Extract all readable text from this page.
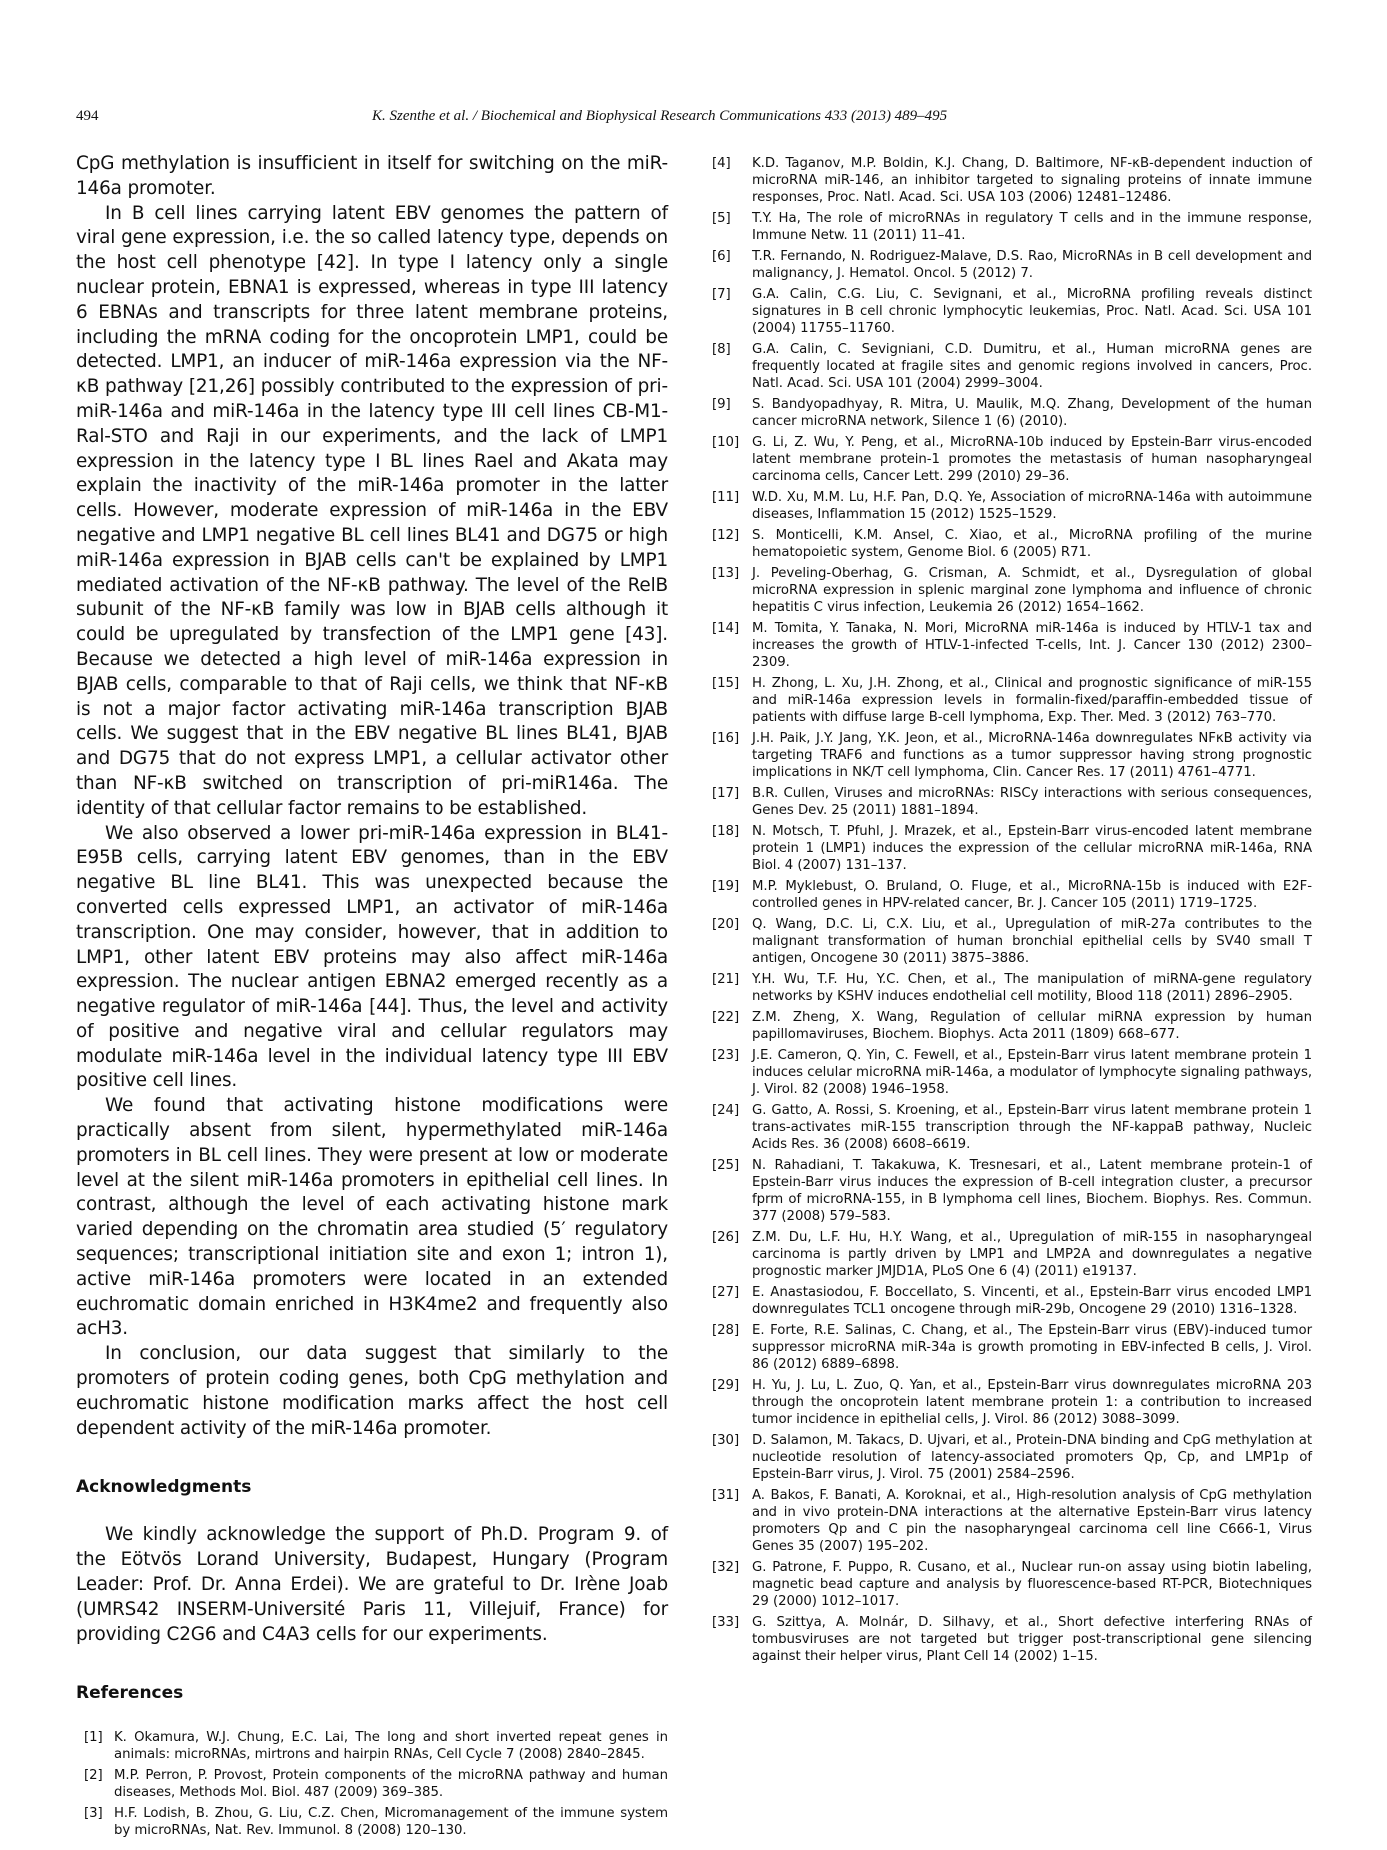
494	K. Szenthe et al. / Biochemical and Biophysical Research Communications 433 (2013) 489–495

CpG methylation is insufficient in itself for switching on the miR-146a promoter.

In B cell lines carrying latent EBV genomes the pattern of viral gene expression, i.e. the so called latency type, depends on the host cell phenotype [42]. In type I latency only a single nuclear protein, EBNA1 is expressed, whereas in type III latency 6 EBNAs and transcripts for three latent membrane proteins, including the mRNA coding for the oncoprotein LMP1, could be detected. LMP1, an inducer of miR-146a expression via the NF-κB pathway [21,26] possibly contributed to the expression of pri-miR-146a and miR-146a in the latency type III cell lines CB-M1-Ral-STO and Raji in our experiments, and the lack of LMP1 expression in the latency type I BL lines Rael and Akata may explain the inactivity of the miR-146a promoter in the latter cells. However, moderate expression of miR-146a in the EBV negative and LMP1 negative BL cell lines BL41 and DG75 or high miR-146a expression in BJAB cells can't be explained by LMP1 mediated activation of the NF-κB pathway. The level of the RelB subunit of the NF-κB family was low in BJAB cells although it could be upregulated by transfection of the LMP1 gene [43]. Because we detected a high level of miR-146a expression in BJAB cells, comparable to that of Raji cells, we think that NF-κB is not a major factor activating miR-146a transcription BJAB cells. We suggest that in the EBV negative BL lines BL41, BJAB and DG75 that do not express LMP1, a cellular activator other than NF-κB switched on transcription of pri-miR146a. The identity of that cellular factor remains to be established.

We also observed a lower pri-miR-146a expression in BL41-E95B cells, carrying latent EBV genomes, than in the EBV negative BL line BL41. This was unexpected because the converted cells expressed LMP1, an activator of miR-146a transcription. One may consider, however, that in addition to LMP1, other latent EBV proteins may also affect miR-146a expression. The nuclear antigen EBNA2 emerged recently as a negative regulator of miR-146a [44]. Thus, the level and activity of positive and negative viral and cellular regulators may modulate miR-146a level in the individual latency type III EBV positive cell lines.

We found that activating histone modifications were practically absent from silent, hypermethylated miR-146a promoters in BL cell lines. They were present at low or moderate level at the silent miR-146a promoters in epithelial cell lines. In contrast, although the level of each activating histone mark varied depending on the chromatin area studied (5′ regulatory sequences; transcriptional initiation site and exon 1; intron 1), active miR-146a promoters were located in an extended euchromatic domain enriched in H3K4me2 and frequently also acH3.

In conclusion, our data suggest that similarly to the promoters of protein coding genes, both CpG methylation and euchromatic histone modification marks affect the host cell dependent activity of the miR-146a promoter.

Acknowledgments

We kindly acknowledge the support of Ph.D. Program 9. of the Eötvös Lorand University, Budapest, Hungary (Program Leader: Prof. Dr. Anna Erdei). We are grateful to Dr. Irène Joab (UMRS42 INSERM-Université Paris 11, Villejuif, France) for providing C2G6 and C4A3 cells for our experiments.

References
[1] K. Okamura, W.J. Chung, E.C. Lai, The long and short inverted repeat genes in animals: microRNAs, mirtrons and hairpin RNAs, Cell Cycle 7 (2008) 2840–2845.
[2] M.P. Perron, P. Provost, Protein components of the microRNA pathway and human diseases, Methods Mol. Biol. 487 (2009) 369–385.
[3] H.F. Lodish, B. Zhou, G. Liu, C.Z. Chen, Micromanagement of the immune system by microRNAs, Nat. Rev. Immunol. 8 (2008) 120–130.
[4] K.D. Taganov, M.P. Boldin, K.J. Chang, D. Baltimore, NF-κB-dependent induction of microRNA miR-146, an inhibitor targeted to signaling proteins of innate immune responses, Proc. Natl. Acad. Sci. USA 103 (2006) 12481–12486.
[5] T.Y. Ha, The role of microRNAs in regulatory T cells and in the immune response, Immune Netw. 11 (2011) 11–41.
[6] T.R. Fernando, N. Rodriguez-Malave, D.S. Rao, MicroRNAs in B cell development and malignancy, J. Hematol. Oncol. 5 (2012) 7.
[7] G.A. Calin, C.G. Liu, C. Sevignani, et al., MicroRNA profiling reveals distinct signatures in B cell chronic lymphocytic leukemias, Proc. Natl. Acad. Sci. USA 101 (2004) 11755–11760.
[8] G.A. Calin, C. Sevigniani, C.D. Dumitru, et al., Human microRNA genes are frequently located at fragile sites and genomic regions involved in cancers, Proc. Natl. Acad. Sci. USA 101 (2004) 2999–3004.
[9] S. Bandyopadhyay, R. Mitra, U. Maulik, M.Q. Zhang, Development of the human cancer microRNA network, Silence 1 (6) (2010).
[10] G. Li, Z. Wu, Y. Peng, et al., MicroRNA-10b induced by Epstein-Barr virus-encoded latent membrane protein-1 promotes the metastasis of human nasopharyngeal carcinoma cells, Cancer Lett. 299 (2010) 29–36.
[11] W.D. Xu, M.M. Lu, H.F. Pan, D.Q. Ye, Association of microRNA-146a with autoimmune diseases, Inflammation 15 (2012) 1525–1529.
[12] S. Monticelli, K.M. Ansel, C. Xiao, et al., MicroRNA profiling of the murine hematopoietic system, Genome Biol. 6 (2005) R71.
[13] J. Peveling-Oberhag, G. Crisman, A. Schmidt, et al., Dysregulation of global microRNA expression in splenic marginal zone lymphoma and influence of chronic hepatitis C virus infection, Leukemia 26 (2012) 1654–1662.
[14] M. Tomita, Y. Tanaka, N. Mori, MicroRNA miR-146a is induced by HTLV-1 tax and increases the growth of HTLV-1-infected T-cells, Int. J. Cancer 130 (2012) 2300–2309.
[15] H. Zhong, L. Xu, J.H. Zhong, et al., Clinical and prognostic significance of miR-155 and miR-146a expression levels in formalin-fixed/paraffin-embedded tissue of patients with diffuse large B-cell lymphoma, Exp. Ther. Med. 3 (2012) 763–770.
[16] J.H. Paik, J.Y. Jang, Y.K. Jeon, et al., MicroRNA-146a downregulates NFκB activity via targeting TRAF6 and functions as a tumor suppressor having strong prognostic implications in NK/T cell lymphoma, Clin. Cancer Res. 17 (2011) 4761–4771.
[17] B.R. Cullen, Viruses and microRNAs: RISCy interactions with serious consequences, Genes Dev. 25 (2011) 1881–1894.
[18] N. Motsch, T. Pfuhl, J. Mrazek, et al., Epstein-Barr virus-encoded latent membrane protein 1 (LMP1) induces the expression of the cellular microRNA miR-146a, RNA Biol. 4 (2007) 131–137.
[19] M.P. Myklebust, O. Bruland, O. Fluge, et al., MicroRNA-15b is induced with E2F-controlled genes in HPV-related cancer, Br. J. Cancer 105 (2011) 1719–1725.
[20] Q. Wang, D.C. Li, C.X. Liu, et al., Upregulation of miR-27a contributes to the malignant transformation of human bronchial epithelial cells by SV40 small T antigen, Oncogene 30 (2011) 3875–3886.
[21] Y.H. Wu, T.F. Hu, Y.C. Chen, et al., The manipulation of miRNA-gene regulatory networks by KSHV induces endothelial cell motility, Blood 118 (2011) 2896–2905.
[22] Z.M. Zheng, X. Wang, Regulation of cellular miRNA expression by human papillomaviruses, Biochem. Biophys. Acta 2011 (1809) 668–677.
[23] J.E. Cameron, Q. Yin, C. Fewell, et al., Epstein-Barr virus latent membrane protein 1 induces celular microRNA miR-146a, a modulator of lymphocyte signaling pathways, J. Virol. 82 (2008) 1946–1958.
[24] G. Gatto, A. Rossi, S. Kroening, et al., Epstein-Barr virus latent membrane protein 1 trans-activates miR-155 transcription through the NF-kappaB pathway, Nucleic Acids Res. 36 (2008) 6608–6619.
[25] N. Rahadiani, T. Takakuwa, K. Tresnesari, et al., Latent membrane protein-1 of Epstein-Barr virus induces the expression of B-cell integration cluster, a precursor fprm of microRNA-155, in B lymphoma cell lines, Biochem. Biophys. Res. Commun. 377 (2008) 579–583.
[26] Z.M. Du, L.F. Hu, H.Y. Wang, et al., Upregulation of miR-155 in nasopharyngeal carcinoma is partly driven by LMP1 and LMP2A and downregulates a negative prognostic marker JMJD1A, PLoS One 6 (4) (2011) e19137.
[27] E. Anastasiodou, F. Boccellato, S. Vincenti, et al., Epstein-Barr virus encoded LMP1 downregulates TCL1 oncogene through miR-29b, Oncogene 29 (2010) 1316–1328.
[28] E. Forte, R.E. Salinas, C. Chang, et al., The Epstein-Barr virus (EBV)-induced tumor suppressor microRNA miR-34a is growth promoting in EBV-infected B cells, J. Virol. 86 (2012) 6889–6898.
[29] H. Yu, J. Lu, L. Zuo, Q. Yan, et al., Epstein-Barr virus downregulates microRNA 203 through the oncoprotein latent membrane protein 1: a contribution to increased tumor incidence in epithelial cells, J. Virol. 86 (2012) 3088–3099.
[30] D. Salamon, M. Takacs, D. Ujvari, et al., Protein-DNA binding and CpG methylation at nucleotide resolution of latency-associated promoters Qp, Cp, and LMP1p of Epstein-Barr virus, J. Virol. 75 (2001) 2584–2596.
[31] A. Bakos, F. Banati, A. Koroknai, et al., High-resolution analysis of CpG methylation and in vivo protein-DNA interactions at the alternative Epstein-Barr virus latency promoters Qp and C pin the nasopharyngeal carcinoma cell line C666-1, Virus Genes 35 (2007) 195–202.
[32] G. Patrone, F. Puppo, R. Cusano, et al., Nuclear run-on assay using biotin labeling, magnetic bead capture and analysis by fluorescence-based RT-PCR, Biotechniques 29 (2000) 1012–1017.
[33] G. Szittya, A. Molnár, D. Silhavy, et al., Short defective interfering RNAs of tombusviruses are not targeted but trigger post-transcriptional gene silencing against their helper virus, Plant Cell 14 (2002) 1–15.
